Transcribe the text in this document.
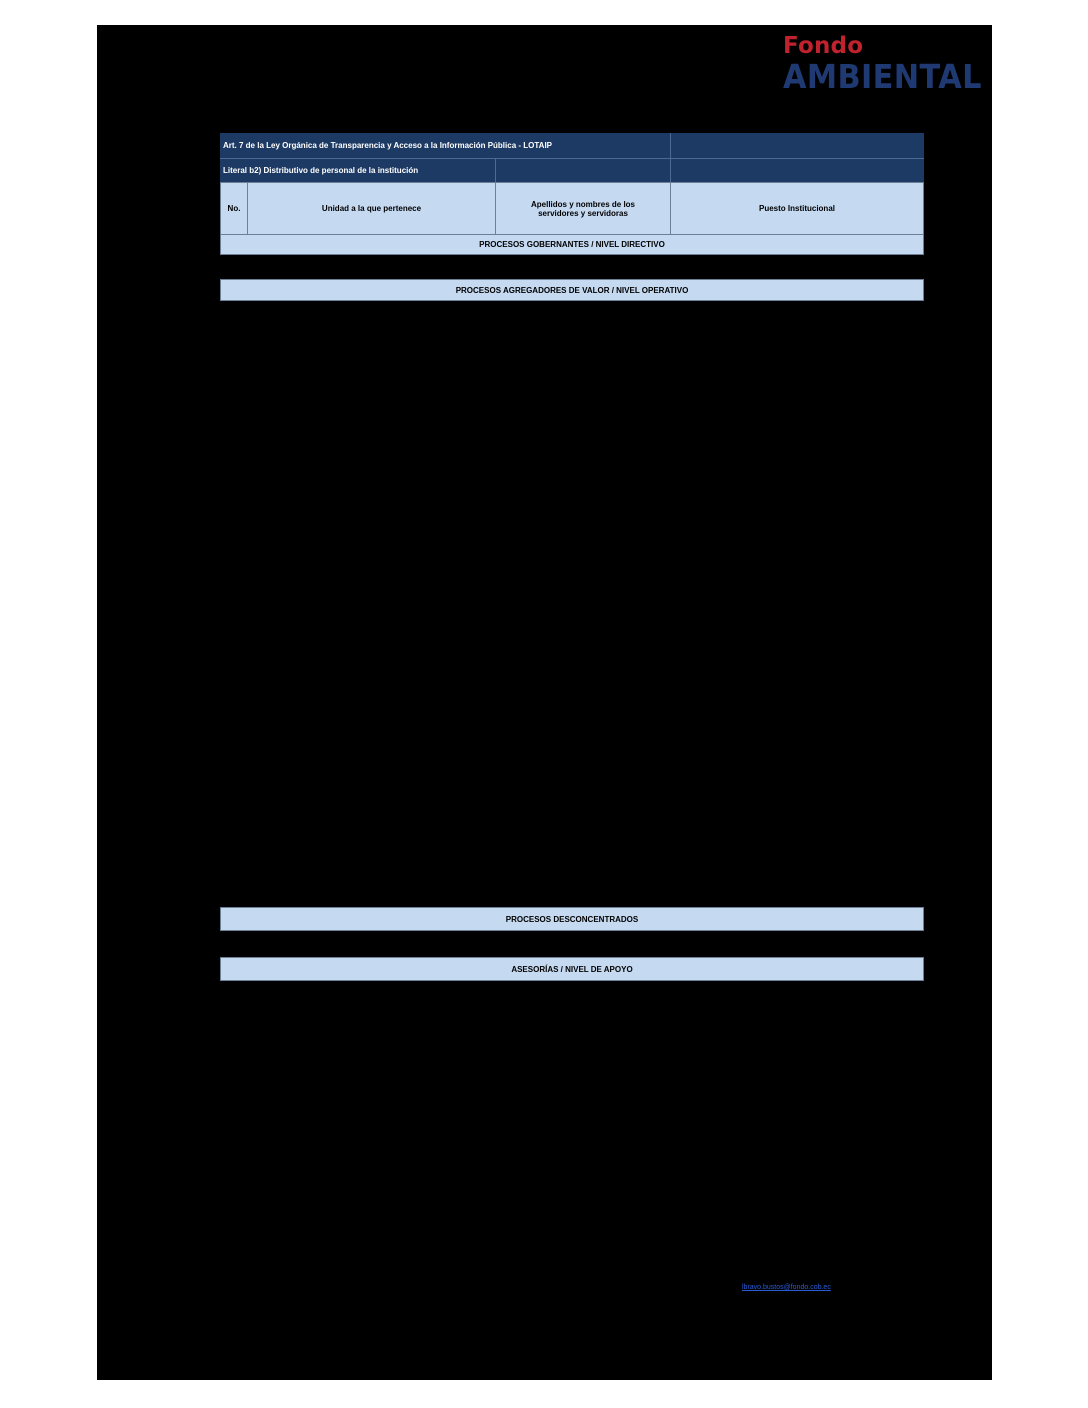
Fondo
AMBIENTAL
Art. 7 de la Ley Orgánica de Transparencia y Acceso a la Información Pública - LOTAIP
Literal b2) Distributivo de personal de la institución
No.	Unidad a la que pertenece	Apellidos y nombres de los servidores y servidoras	Puesto Institucional
PROCESOS GOBERNANTES / NIVEL DIRECTIVO
PROCESOS AGREGADORES DE VALOR / NIVEL OPERATIVO
PROCESOS DESCONCENTRADOS
ASESORÍAS / NIVEL DE APOYO
lbravo.bustos@fondo.cob.ec
